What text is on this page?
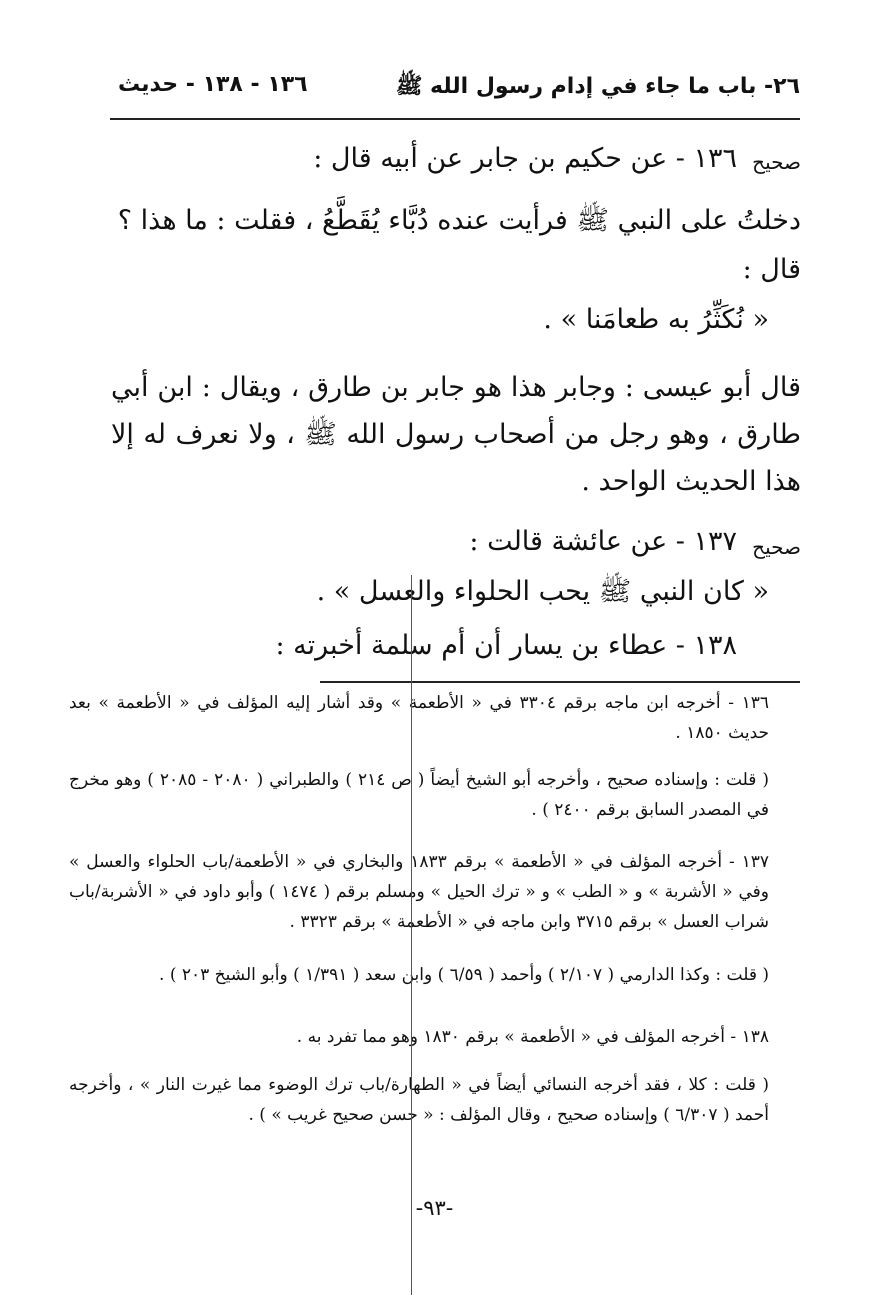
٢٦- باب ما جاء في إدام رسول الله ﷺ
١٣٦ - ١٣٨ - حديث
صحيح
١٣٦ - عن حكيم بن جابر عن أبيه قال :
دخلتُ على النبي ﷺ فرأيت عنده دُبَّاء يُقَطَّعُ ، فقلت : ما هذا ؟
قال :
« نُكَثِّرُ به طعامَنا » .
قال أبو عيسى : وجابر هذا هو جابر بن طارق ، ويقال : ابن أبي طارق ، وهو رجل من أصحاب رسول الله ﷺ ، ولا نعرف له إلا هذا الحديث الواحد .
صحيح
١٣٧ - عن عائشة قالت :
« كان النبي ﷺ يحب الحلواء والعسل » .
١٣٨ - عطاء بن يسار أن أم سلمة أخبرته :
١٣٦ - أخرجه ابن ماجه برقم ٣٣٠٤ في « الأطعمة » وقد أشار إليه المؤلف في « الأطعمة » بعد حديث ١٨٥٠ .
( قلت : وإسناده صحيح ، وأخرجه أبو الشيخ أيضاً ( ص ٢١٤ ) والطبراني ( ٢٠٨٠ - ٢٠٨٥ ) وهو مخرج في المصدر السابق برقم ٢٤٠٠ ) .
١٣٧ - أخرجه المؤلف في « الأطعمة » برقم ١٨٣٣ والبخاري في « الأطعمة/باب الحلواء والعسل » وفي « الأشربة » و « الطب » و « ترك الحيل » ومسلم برقم ( ١٤٧٤ ) وأبو داود في « الأشربة/باب شراب العسل » برقم ٣٧١٥ وابن ماجه في « الأطعمة » برقم ٣٣٢٣ .
( قلت : وكذا الدارمي ( ٢/١٠٧ ) وأحمد ( ٦/٥٩ ) وابن سعد ( ١/٣٩١ ) وأبو الشيخ ٢٠٣ ) .
١٣٨ - أخرجه المؤلف في « الأطعمة » برقم ١٨٣٠ وهو مما تفرد به .
( قلت : كلا ، فقد أخرجه النسائي أيضاً في « الطهارة/باب ترك الوضوء مما غيرت النار » ، وأخرجه أحمد ( ٦/٣٠٧ ) وإسناده صحيح ، وقال المؤلف : « حسن صحيح غريب » ) .
-٩٣-
